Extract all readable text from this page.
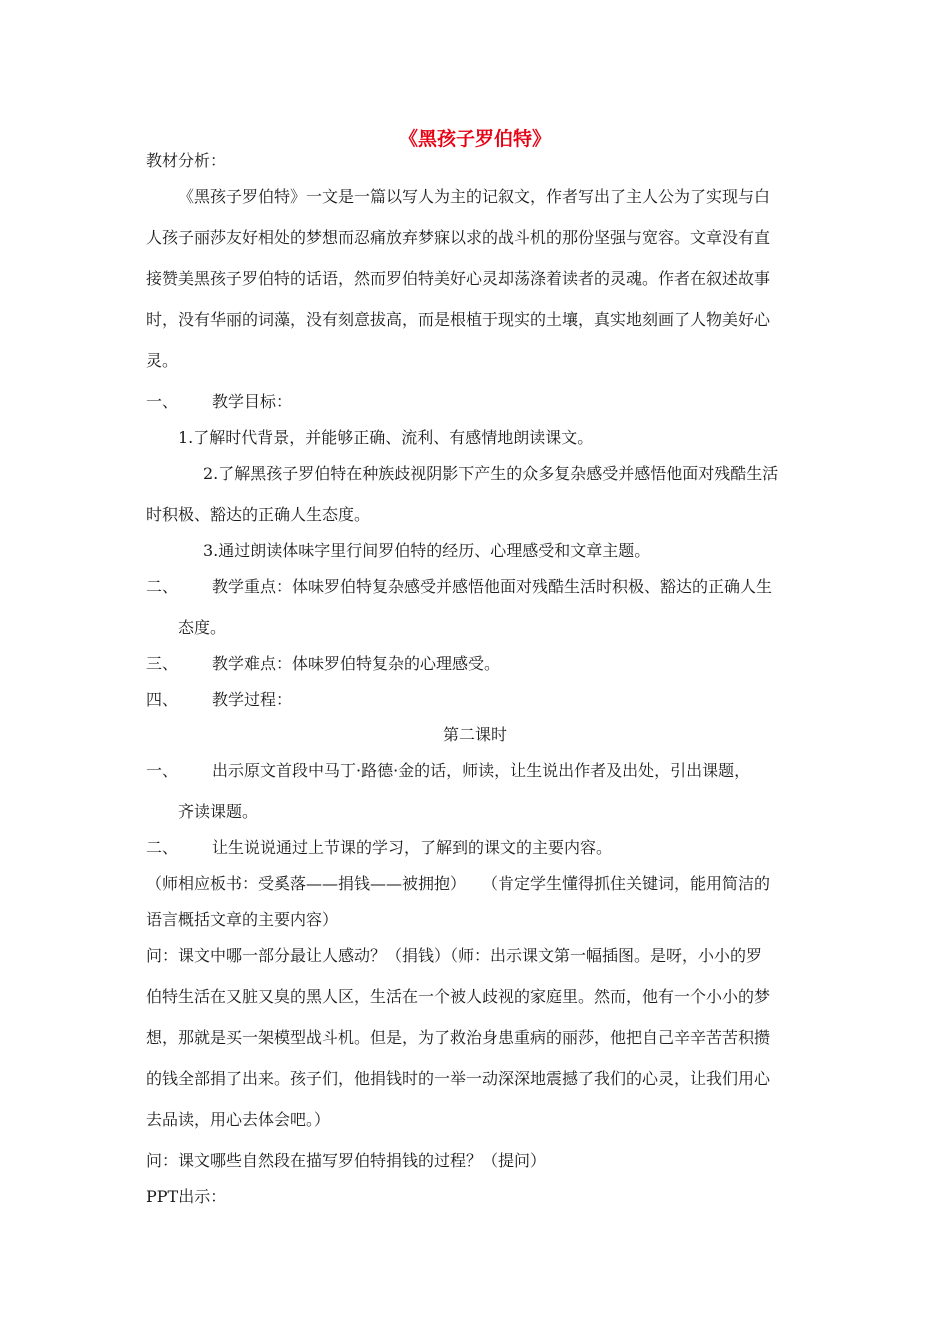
《黑孩子罗伯特》
教材分析：
《黑孩子罗伯特》一文是一篇以写人为主的记叙文，作者写出了主人公为了实现与白
人孩子丽莎友好相处的梦想而忍痛放弃梦寐以求的战斗机的那份坚强与宽容。文章没有直
接赞美黑孩子罗伯特的话语，然而罗伯特美好心灵却荡涤着读者的灵魂。作者在叙述故事
时，没有华丽的词藻，没有刻意拔高，而是根植于现实的土壤，真实地刻画了人物美好心
灵。
一、 教学目标：
1.了解时代背景，并能够正确、流利、有感情地朗读课文。
2.了解黑孩子罗伯特在种族歧视阴影下产生的众多复杂感受并感悟他面对残酷生活
时积极、豁达的正确人生态度。
3.通过朗读体味字里行间罗伯特的经历、心理感受和文章主题。
二、 教学重点：体味罗伯特复杂感受并感悟他面对残酷生活时积极、豁达的正确人生
态度。
三、 教学难点：体味罗伯特复杂的心理感受。
四、 教学过程：
第二课时
一、 出示原文首段中马丁·路德·金的话，师读，让生说出作者及出处，引出课题，
齐读课题。
二、 让生说说通过上节课的学习，了解到的课文的主要内容。
（师相应板书：受奚落——捐钱——被拥抱）　　（肯定学生懂得抓住关键词，能用简洁的
语言概括文章的主要内容）
问：课文中哪一部分最让人感动？（捐钱）（师：出示课文第一幅插图。是呀，小小的罗
伯特生活在又脏又臭的黑人区，生活在一个被人歧视的家庭里。然而，他有一个小小的梦
想，那就是买一架模型战斗机。但是，为了救治身患重病的丽莎，他把自己辛辛苦苦积攒
的钱全部捐了出来。孩子们，他捐钱时的一举一动深深地震撼了我们的心灵，让我们用心
去品读，用心去体会吧。）
问：课文哪些自然段在描写罗伯特捐钱的过程？（提问）
PPT出示：
